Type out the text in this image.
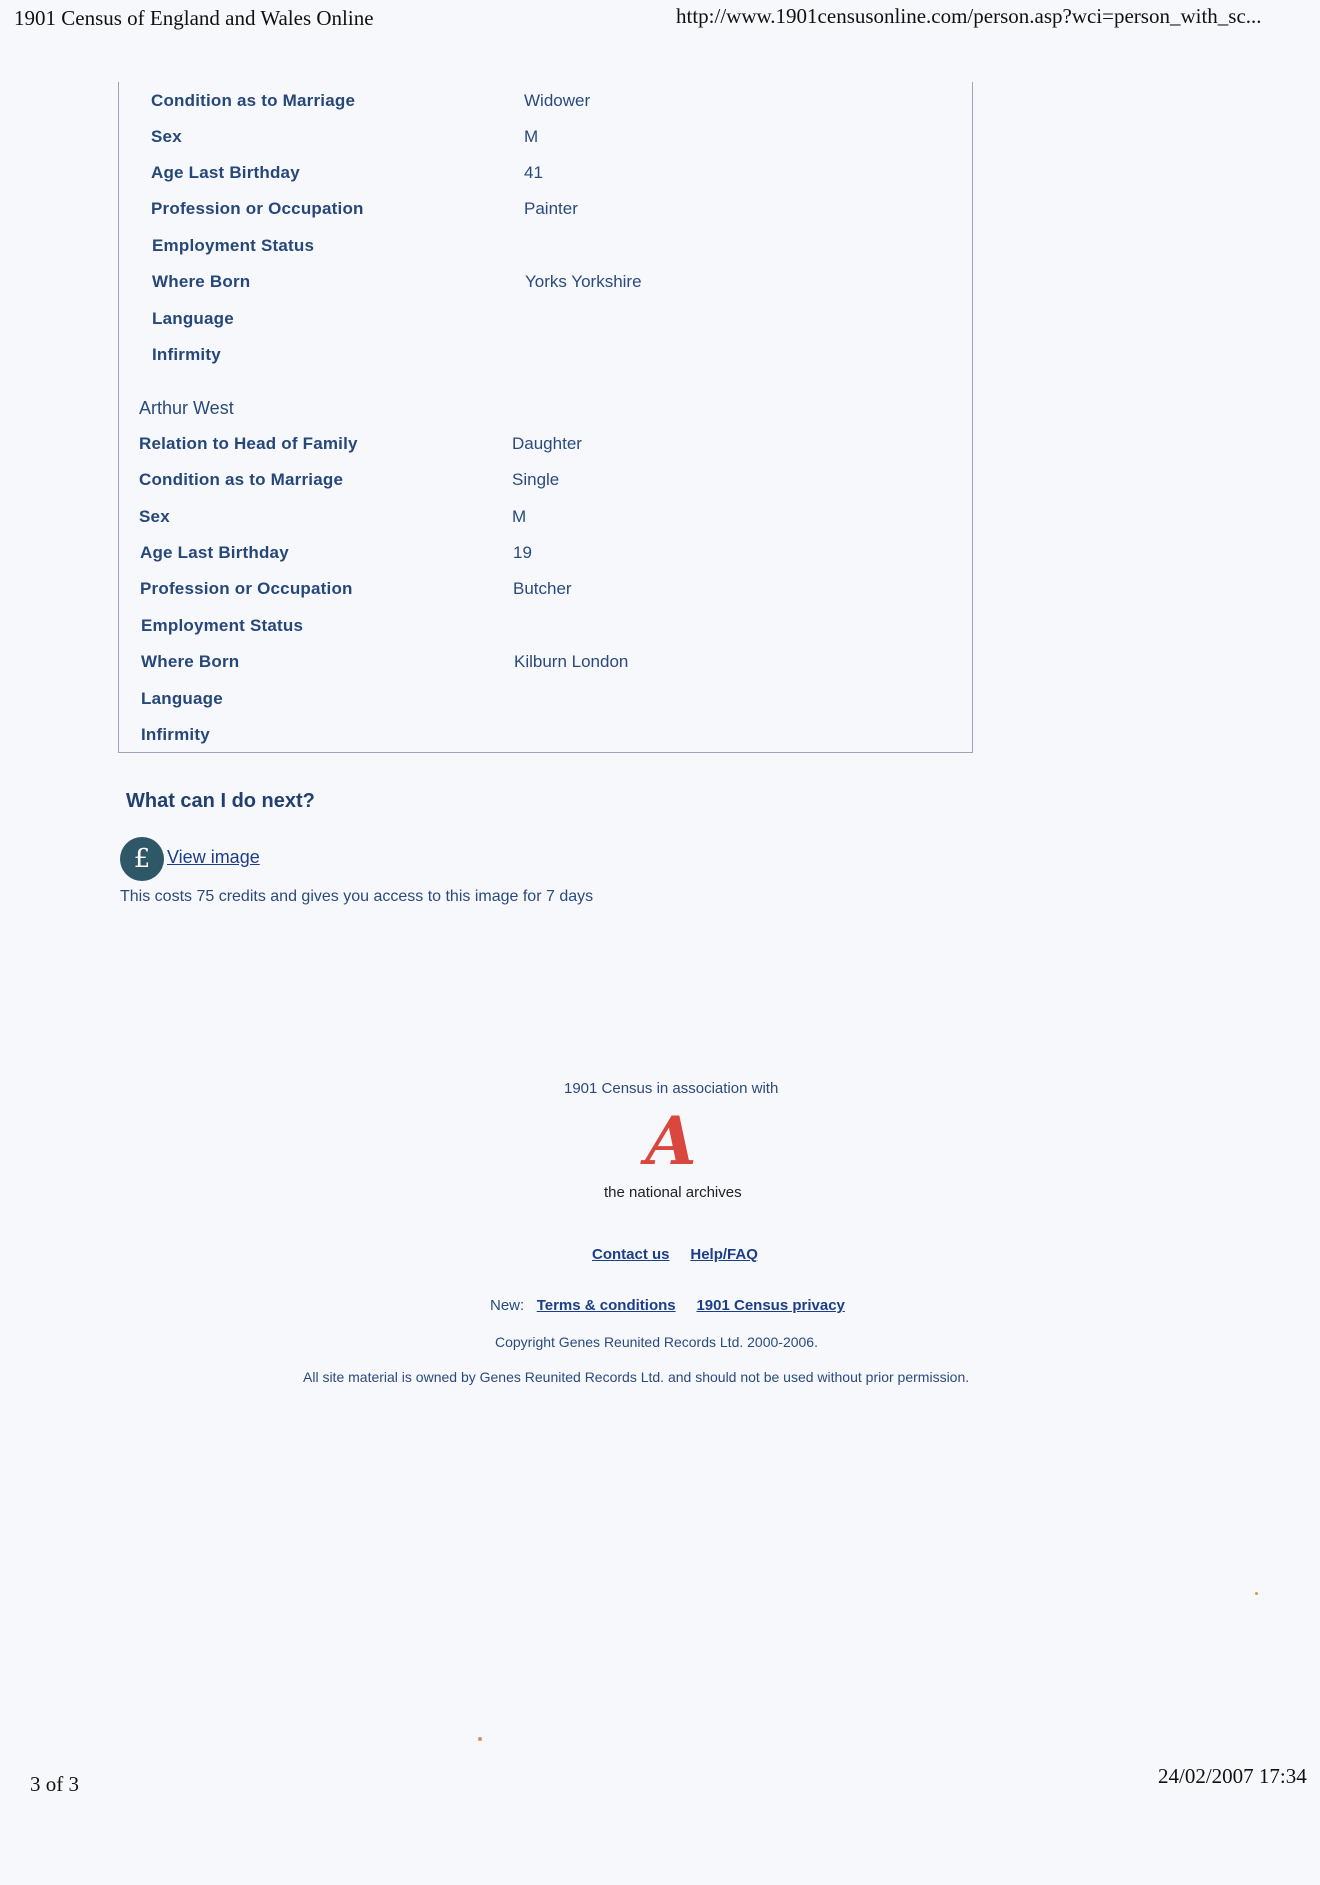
1901 Census of England and Wales Online	http://www.1901censusonline.com/person.asp?wci=person_with_sc...
Condition as to Marriage	Widower
Sex	M
Age Last Birthday	41
Profession or Occupation	Painter
Employment Status
Where Born	Yorks Yorkshire
Language
Infirmity
Arthur West
Relation to Head of Family	Daughter
Condition as to Marriage	Single
Sex	M
Age Last Birthday	19
Profession or Occupation	Butcher
Employment Status
Where Born	Kilburn London
Language
Infirmity
What can I do next?
£ View image
This costs 75 credits and gives you access to this image for 7 days
1901 Census in association with
A
the national archives
Contact us Help/FAQ
New: Terms & conditions 1901 Census privacy
Copyright Genes Reunited Records Ltd. 2000-2006.
All site material is owned by Genes Reunited Records Ltd. and should not be used without prior permission.
3 of 3	24/02/2007 17:34
